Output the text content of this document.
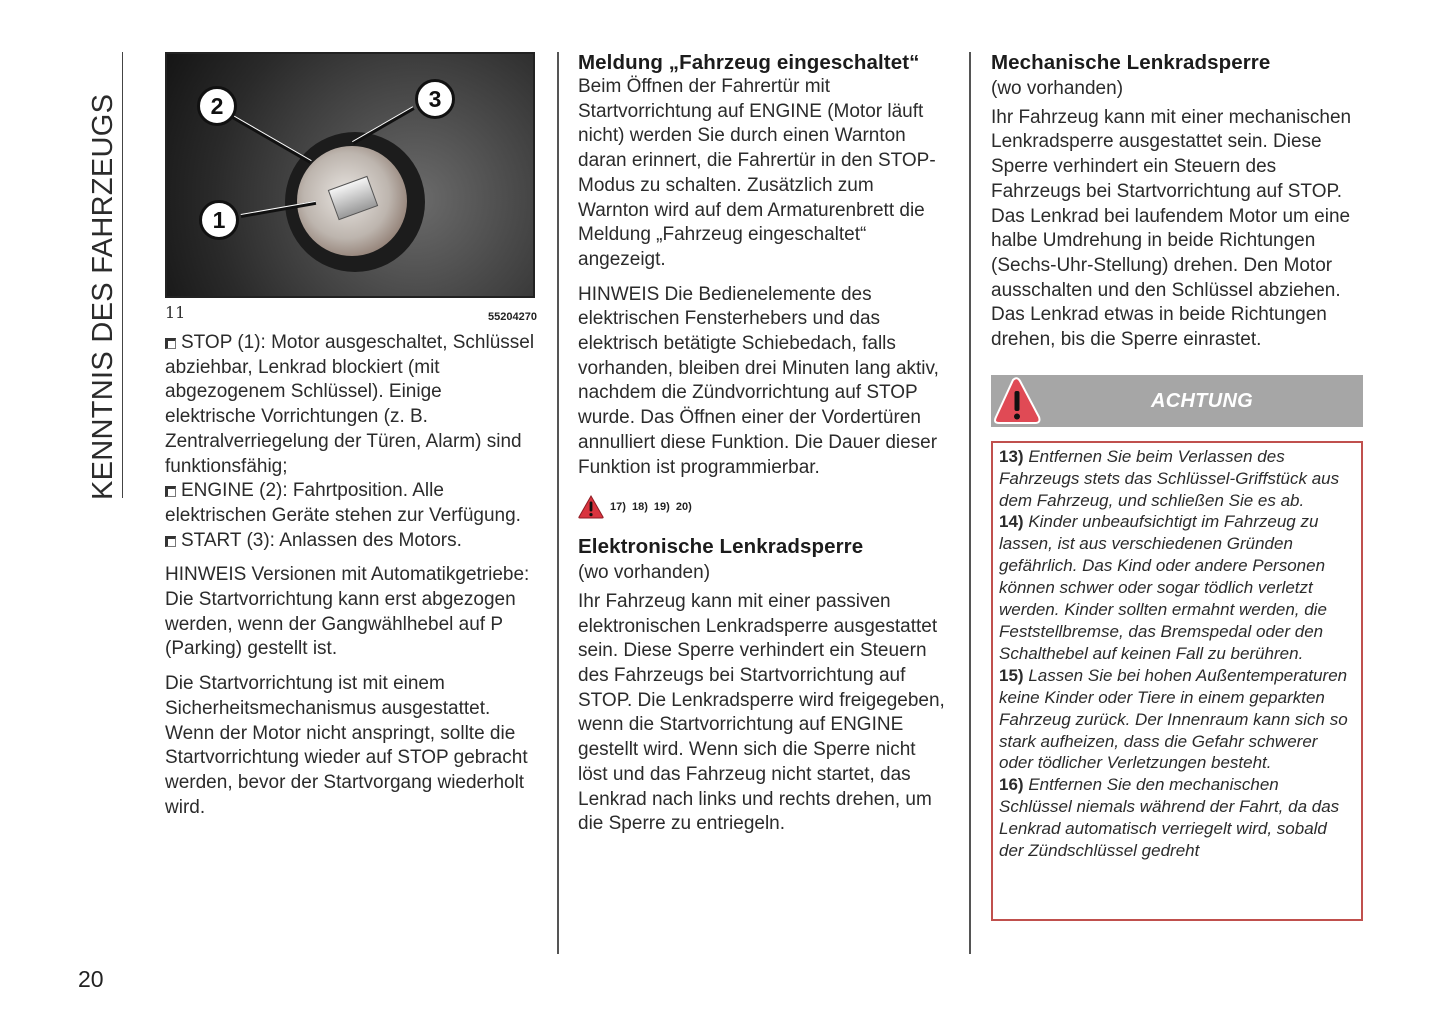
KENNTNIS DES FAHRZEUGS	2	3
1
11	55204270

STOP (1): Motor ausgeschaltet, Schlüssel abziehbar, Lenkrad blockiert (mit abgezogenem Schlüssel). Einige elektrische Vorrichtungen (z. B. Zentralverriegelung der Türen, Alarm) sind funktionsfähig;

ENGINE (2): Fahrtposition. Alle elektrischen Geräte stehen zur Verfügung.

START (3): Anlassen des Motors.

HINWEIS Versionen mit Automatikgetriebe: Die Startvorrichtung kann erst abgezogen werden, wenn der Gangwählhebel auf P (Parking) gestellt ist.

Die Startvorrichtung ist mit einem Sicherheitsmechanismus ausgestattet. Wenn der Motor nicht anspringt, sollte die Startvorrichtung wieder auf STOP gebracht werden, bevor der Startvorgang wiederholt wird.

Meldung „Fahrzeug eingeschaltet“

Beim Öffnen der Fahrertür mit Startvorrichtung auf ENGINE (Motor läuft nicht) werden Sie durch einen Warnton daran erinnert, die Fahrertür in den STOP-Modus zu schalten. Zusätzlich zum Warnton wird auf dem Armaturenbrett die Meldung „Fahrzeug eingeschaltet“ angezeigt.

HINWEIS Die Bedienelemente des elektrischen Fensterhebers und das elektrisch betätigte Schiebedach, falls vorhanden, bleiben drei Minuten lang aktiv, nachdem die Zündvorrichtung auf STOP wurde. Das Öffnen einer der Vordertüren annulliert diese Funktion. Die Dauer dieser Funktion ist programmierbar.

17) 18) 19) 20)
Elektronische Lenkradsperre

(wo vorhanden)

Ihr Fahrzeug kann mit einer passiven elektronischen Lenkradsperre ausgestattet sein. Diese Sperre verhindert ein Steuern des Fahrzeugs bei Startvorrichtung auf STOP. Die Lenkradsperre wird freigegeben, wenn die Startvorrichtung auf ENGINE gestellt wird. Wenn sich die Sperre nicht löst und das Fahrzeug nicht startet, das Lenkrad nach links und rechts drehen, um die Sperre zu entriegeln.

Mechanische Lenkradsperre

(wo vorhanden)

Ihr Fahrzeug kann mit einer mechanischen Lenkradsperre ausgestattet sein. Diese Sperre verhindert ein Steuern des Fahrzeugs bei Startvorrichtung auf STOP. Das Lenkrad bei laufendem Motor um eine halbe Umdrehung in beide Richtungen (Sechs-Uhr-Stellung) drehen. Den Motor ausschalten und den Schlüssel abziehen. Das Lenkrad etwas in beide Richtungen drehen, bis die Sperre einrastet.

ACHTUNG

13) Entfernen Sie beim Verlassen des Fahrzeugs stets das Schlüssel-Griffstück aus dem Fahrzeug, und schließen Sie es ab.

14) Kinder unbeaufsichtigt im Fahrzeug zu lassen, ist aus verschiedenen Gründen gefährlich. Das Kind oder andere Personen können schwer oder sogar tödlich verletzt werden. Kinder sollten ermahnt werden, die Feststellbremse, das Bremspedal oder den Schalthebel auf keinen Fall zu berühren.

15) Lassen Sie bei hohen Außentemperaturen keine Kinder oder Tiere in einem geparkten Fahrzeug zurück. Der Innenraum kann sich so stark aufheizen, dass die Gefahr schwerer oder tödlicher Verletzungen besteht.

16) Entfernen Sie den mechanischen Schlüssel niemals während der Fahrt, da das Lenkrad automatisch verriegelt wird, sobald der Zündschlüssel gedreht

20
